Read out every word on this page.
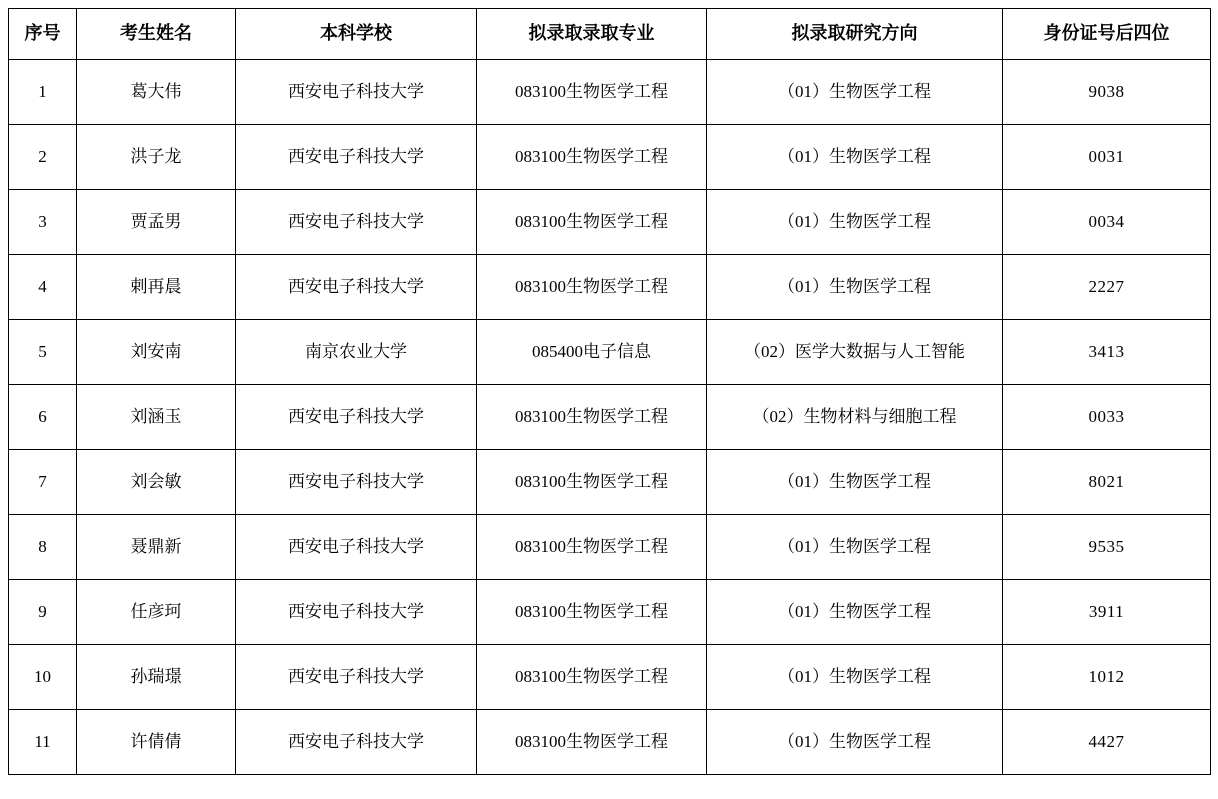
序号	考生姓名	本科学校	拟录取录取专业	拟录取研究方向	身份证号后四位
1	葛大伟	西安电子科技大学	083100生物医学工程	（01）生物医学工程	9038
2	洪子龙	西安电子科技大学	083100生物医学工程	（01）生物医学工程	0031
3	贾孟男	西安电子科技大学	083100生物医学工程	（01）生物医学工程	0034
4	剌再晨	西安电子科技大学	083100生物医学工程	（01）生物医学工程	2227
5	刘安南	南京农业大学	085400电子信息	（02）医学大数据与人工智能	3413
6	刘涵玉	西安电子科技大学	083100生物医学工程	（02）生物材料与细胞工程	0033
7	刘会敏	西安电子科技大学	083100生物医学工程	（01）生物医学工程	8021
8	聂鼎新	西安电子科技大学	083100生物医学工程	（01）生物医学工程	9535
9	任彦珂	西安电子科技大学	083100生物医学工程	（01）生物医学工程	3911
10	孙瑞璟	西安电子科技大学	083100生物医学工程	（01）生物医学工程	1012
11	许倩倩	西安电子科技大学	083100生物医学工程	（01）生物医学工程	4427
